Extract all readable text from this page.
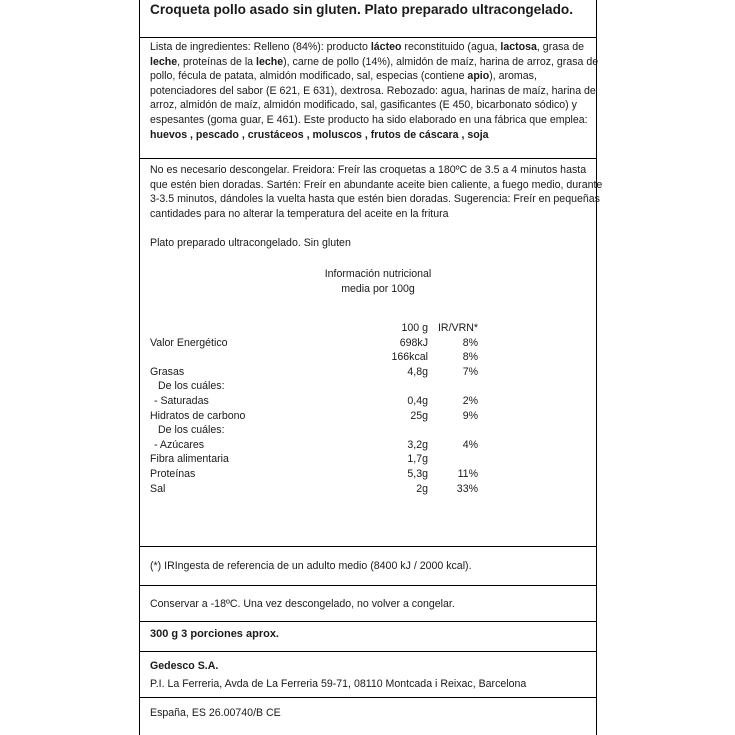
Croqueta pollo asado sin gluten. Plato preparado ultracongelado.
Lista de ingredientes: Relleno (84%): producto lácteo reconstituido (agua, lactosa, grasa de leche, proteínas de la leche), carne de pollo (14%), almidón de maíz, harina de arroz, grasa de pollo, fécula de patata, almidón modificado, sal, especias (contiene apio), aromas, potenciadores del sabor (E 621, E 631), dextrosa. Rebozado: agua, harinas de maíz, harina de arroz, almidón de maíz, almidón modificado, sal, gasificantes (E 450, bicarbonato sódico) y espesantes (goma guar, E 461). Este producto ha sido elaborado en una fábrica que emplea: huevos , pescado , crustáceos , moluscos , frutos de cáscara , soja
No es necesario descongelar. Freidora: Freír las croquetas a 180ºC de 3.5 a 4 minutos hasta que estén bien doradas. Sartén: Freír en abundante aceite bien caliente, a fuego medio, durante 3-3.5 minutos, dándoles la vuelta hasta que estén bien doradas. Sugerencia: Freír en pequeñas cantidades para no alterar la temperatura del aceite en la fritura
Plato preparado ultracongelado. Sin gluten
Información nutricional
media por 100g
	100 g	IR/VRN*
Valor Energético	698kJ	8%
	166kcal	8%
Grasas	4,8g	7%
De los cuáles:		
- Saturadas	0,4g	2%
Hidratos de carbono	25g	9%
De los cuáles:		
- Azúcares	3,2g	4%
Fibra alimentaria	1,7g	
Proteínas	5,3g	11%
Sal	2g	33%
(*) IRIngesta de referencia de un adulto medio (8400 kJ / 2000 kcal).
Conservar a -18ºC. Una vez descongelado, no volver a congelar.
300 g 3 porciones aprox.
Gedesco S.A.
P.I. La Ferreria, Avda de La Ferreria 59-71, 08110 Montcada i Reixac, Barcelona
España, ES 26.00740/B CE
